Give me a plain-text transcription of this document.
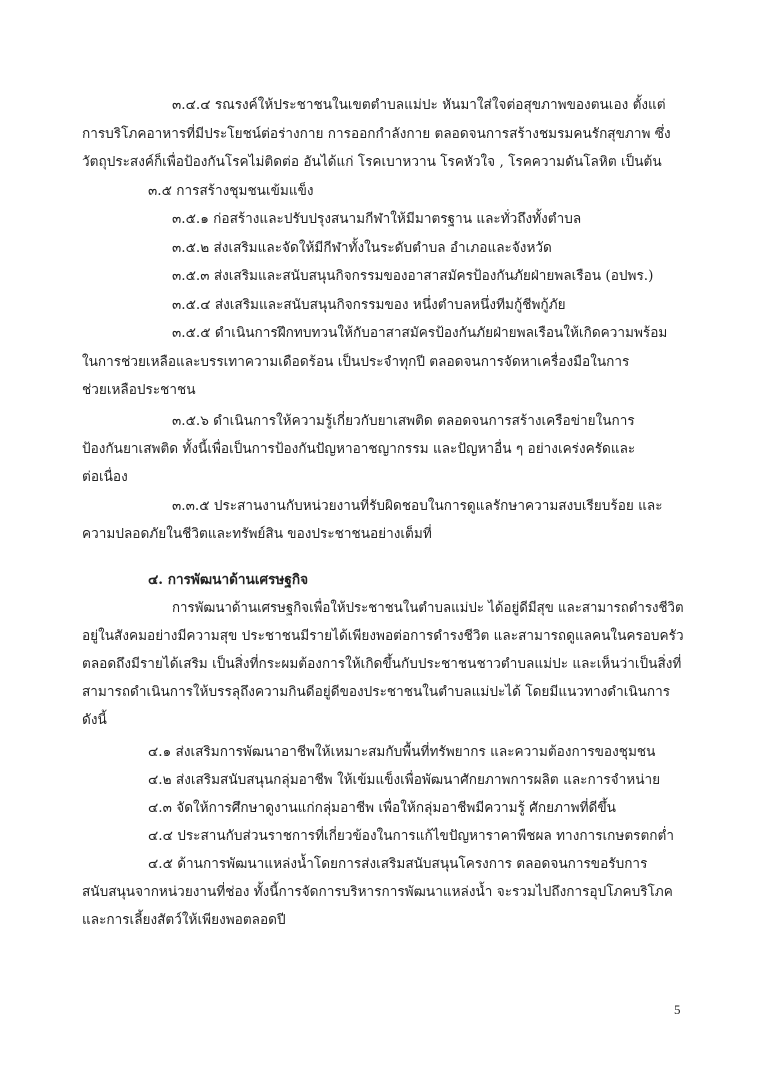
๓.๔.๔ รณรงค์ให้ประชาชนในเขตตำบลแม่ปะ หันมาใส่ใจต่อสุขภาพของตนเอง ตั้งแต่
การบริโภคอาหารที่มีประโยชน์ต่อร่างกาย การออกกำลังกาย ตลอดจนการสร้างชมรมคนรักสุขภาพ ซึ่ง
วัตถุประสงค์ก็เพื่อป้องกันโรคไม่ติดต่อ อันได้แก่ โรคเบาหวาน โรคหัวใจ , โรคความดันโลหิต เป็นต้น
๓.๕ การสร้างชุมชนเข้มแข็ง
๓.๕.๑ ก่อสร้างและปรับปรุงสนามกีฬาให้มีมาตรฐาน และทั่วถึงทั้งตำบล
๓.๕.๒ ส่งเสริมและจัดให้มีกีฬาทั้งในระดับตำบล อำเภอและจังหวัด
๓.๕.๓ ส่งเสริมและสนับสนุนกิจกรรมของอาสาสมัครป้องกันภัยฝ่ายพลเรือน (อปพร.)
๓.๕.๔ ส่งเสริมและสนับสนุนกิจกรรมของ หนึ่งตำบลหนึ่งทีมกู้ชีพกู้ภัย
๓.๕.๕ ดำเนินการฝึกทบทวนให้กับอาสาสมัครป้องกันภัยฝ่ายพลเรือนให้เกิดความพร้อม
ในการช่วยเหลือและบรรเทาความเดือดร้อน เป็นประจำทุกปี ตลอดจนการจัดหาเครื่องมือในการ
ช่วยเหลือประชาชน
๓.๕.๖ ดำเนินการให้ความรู้เกี่ยวกับยาเสพติด ตลอดจนการสร้างเครือข่ายในการ
ป้องกันยาเสพติด ทั้งนี้เพื่อเป็นการป้องกันปัญหาอาชญากรรม และปัญหาอื่น ๆ อย่างเคร่งครัดและ
ต่อเนื่อง
๓.๓.๕ ประสานงานกับหน่วยงานที่รับผิดชอบในการดูแลรักษาความสงบเรียบร้อย และ
ความปลอดภัยในชีวิตและทรัพย์สิน ของประชาชนอย่างเต็มที่
๔. การพัฒนาด้านเศรษฐกิจ
การพัฒนาด้านเศรษฐกิจเพื่อให้ประชาชนในตำบลแม่ปะ ได้อยู่ดีมีสุข และสามารถดำรงชีวิต
อยู่ในสังคมอย่างมีความสุข ประชาชนมีรายได้เพียงพอต่อการดำรงชีวิต และสามารถดูแลคนในครอบครัว
ตลอดถึงมีรายได้เสริม เป็นสิ่งที่กระผมต้องการให้เกิดขึ้นกับประชาชนชาวตำบลแม่ปะ และเห็นว่าเป็นสิ่งที่
สามารถดำเนินการให้บรรลุถึงความกินดีอยู่ดีของประชาชนในตำบลแม่ปะได้ โดยมีแนวทางดำเนินการ
ดังนี้
๔.๑ ส่งเสริมการพัฒนาอาชีพให้เหมาะสมกับพื้นที่ทรัพยากร และความต้องการของชุมชน
๔.๒ ส่งเสริมสนับสนุนกลุ่มอาชีพ ให้เข้มแข็งเพื่อพัฒนาศักยภาพการผลิต และการจำหน่าย
๔.๓ จัดให้การศึกษาดูงานแก่กลุ่มอาชีพ เพื่อให้กลุ่มอาชีพมีความรู้ ศักยภาพที่ดีขึ้น
๔.๔ ประสานกับส่วนราชการที่เกี่ยวข้องในการแก้ไขปัญหาราคาพืชผล ทางการเกษตรตกต่ำ
๔.๕ ด้านการพัฒนาแหล่งน้ำโดยการส่งเสริมสนับสนุนโครงการ ตลอดจนการขอรับการ
สนับสนุนจากหน่วยงานที่ช่อง ทั้งนี้การจัดการบริหารการพัฒนาแหล่งน้ำ จะรวมไปถึงการอุปโภคบริโภค
และการเลี้ยงสัตว์ให้เพียงพอตลอดปี
5
